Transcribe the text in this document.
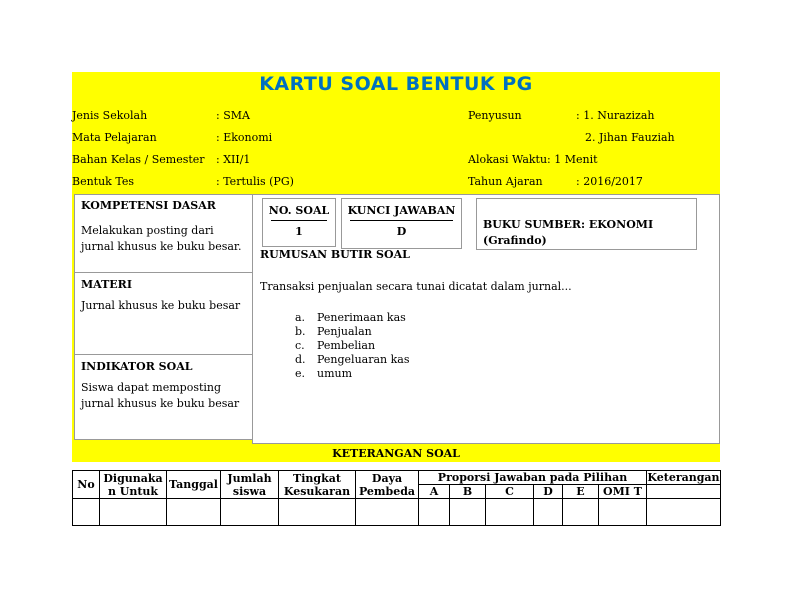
KARTU SOAL BENTUK PG
Jenis Sekolah	: SMA
Mata Pelajaran	: Ekonomi
Bahan Kelas / Semester : XII/1
Bentuk Tes	: Tertulis (PG)
Penyusun	: 1. Nurazizah
2. Jihan Fauziah
Alokasi Waktu: 1 Menit
Tahun Ajaran	: 2016/2017
KOMPETENSI DASAR
Melakukan posting dari jurnal khusus ke buku besar.
MATERI
Jurnal khusus ke buku besar
INDIKATOR SOAL
Siswa dapat memposting jurnal khusus ke buku besar
NO. SOAL
1
KUNCI JAWABAN
D
BUKU SUMBER: EKONOMI (Grafindo)
RUMUSAN BUTIR SOAL
Transaksi penjualan secara tunai dicatat dalam jurnal...
a. Penerimaan kas
b. Penjualan
c. Pembelian
d. Pengeluaran kas
e. umum
KETERANGAN SOAL
No	Digunaka n Untuk	Tanggal	Jumlah siswa	Tingkat Kesukaran	Daya Pembeda	Proporsi Jawaban pada Pilihan						Keterangan
						A	B	C	D	E	OMI T	
